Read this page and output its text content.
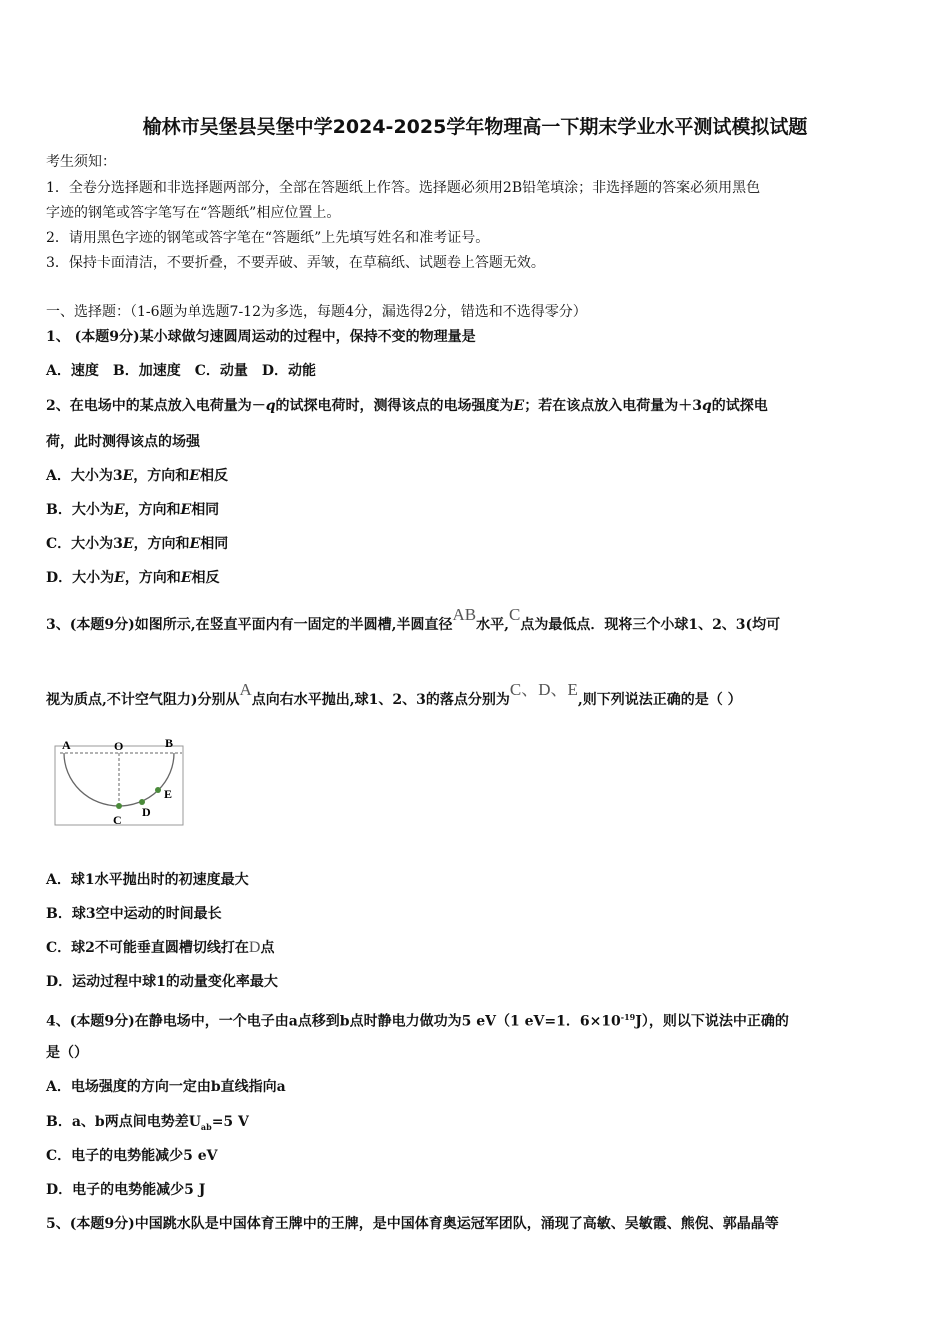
榆林市吴堡县吴堡中学2024-2025学年物理高一下期末学业水平测试模拟试题
考生须知：
1．全卷分选择题和非选择题两部分，全部在答题纸上作答。选择题必须用2B铅笔填涂；非选择题的答案必须用黑色
字迹的钢笔或答字笔写在“答题纸”相应位置上。
2．请用黑色字迹的钢笔或答字笔在“答题纸”上先填写姓名和准考证号。
3．保持卡面清洁，不要折叠，不要弄破、弄皱，在草稿纸、试题卷上答题无效。
一、选择题：（1-6题为单选题7-12为多选，每题4分，漏选得2分，错选和不选得零分）
1、 (本题9分)某小球做匀速圆周运动的过程中，保持不变的物理量是
A．速度　B．加速度　C．动量　D．动能
2、在电场中的某点放入电荷量为－q的试探电荷时，测得该点的电场强度为E；若在该点放入电荷量为＋3q的试探电
荷，此时测得该点的场强
A．大小为3E，方向和E相反
B．大小为E，方向和E相同
C．大小为3E，方向和E相同
D．大小为E，方向和E相反
3、(本题9分)如图所示,在竖直平面内有一固定的半圆槽,半圆直径AB水平,C点为最低点．现将三个小球1、2、3(均可
视为质点,不计空气阻力)分别从A点向右水平抛出,球1、2、3的落点分别为C、D、E,则下列说法正确的是（ ）
A	O	B
C
D
E
A．球1水平抛出时的初速度最大
B．球3空中运动的时间最长
C．球2不可能垂直圆槽切线打在D点
D．运动过程中球1的动量变化率最大
4、(本题9分)在静电场中，一个电子由a点移到b点时静电力做功为5 eV（1 eV=1．$6\times 10^{-19}J$），则以下说法中正确的
是（）
A．电场强度的方向一定由b直线指向a
B．a、b两点间电势差$U_{ab}=5$ V
C．电子的电势能减少5 eV
D．电子的电势能减少5 J
5、(本题9分)中国跳水队是中国体育王牌中的王牌，是中国体育奥运冠军团队，涌现了高敏、吴敏霞、熊倪、郭晶晶等
